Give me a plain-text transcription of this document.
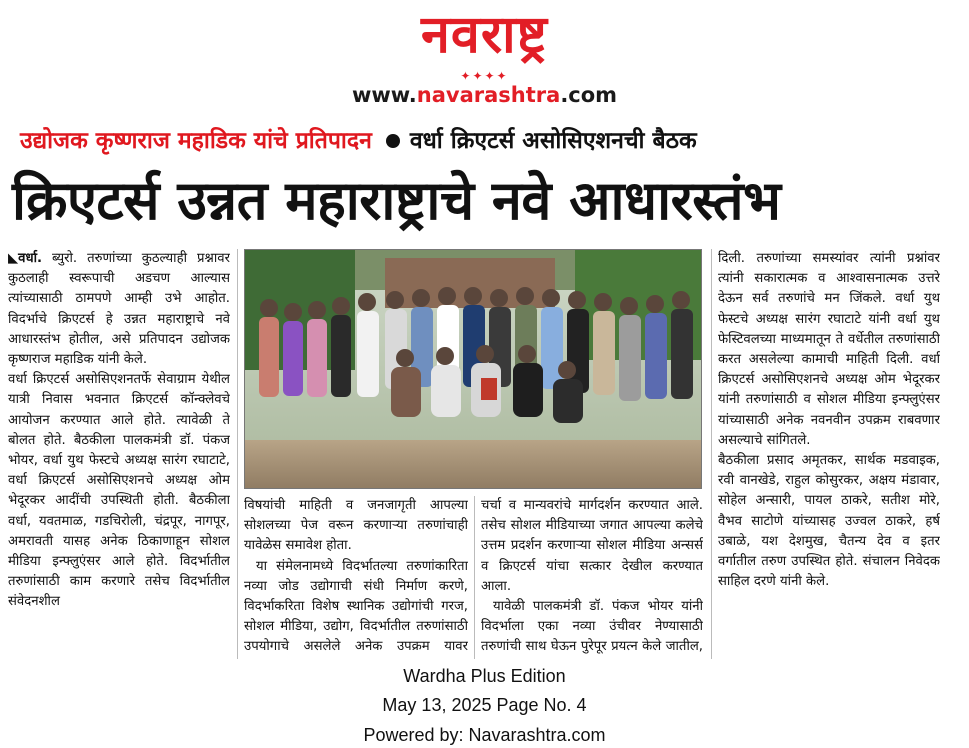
नवराष्ट्र
✦✦✦✦
www.navarashtra.com
उद्योजक कृष्णराज महाडिक यांचे प्रतिपादन वर्धा क्रिएटर्स असोसिएशनची बैठक
क्रिएटर्स उन्नत महाराष्ट्राचे नवे आधारस्तंभ

◣वर्धा. ब्युरो. तरुणांच्या कुठल्याही प्रश्नावर कुठलाही स्वरूपाची अडचण आल्यास त्यांच्यासाठी ठामपणे आम्ही उभे आहोत. विदर्भाचे क्रिएटर्स हे उन्नत महाराष्ट्राचे नवे आधारस्तंभ होतील, असे प्रतिपादन उद्योजक कृष्णराज महाडिक यांनी केले.

वर्धा क्रिएटर्स असोसिएशनतर्फे सेवाग्राम येथील यात्री निवास भवनात क्रिएटर्स कॉन्क्लेवचे आयोजन करण्यात आले होते. त्यावेळी ते बोलत होते. बैठकीला पालकमंत्री डॉ. पंकज भोयर, वर्धा युथ फेस्टचे अध्यक्ष सारंग रघाटाटे, वर्धा क्रिएटर्स असोसिएशनचे अध्यक्ष ओम भेदूरकर आदींची उपस्थिती होती. बैठकीला वर्धा, यवतमाळ, गडचिरोली, चंद्रपूर, नागपूर, अमरावती यासह अनेक ठिकाणाहून सोशल मीडिया इन्फ्लुएंसर आले होते. विदर्भातील तरुणांसाठी काम करणारे तसेच विदर्भातील संवेदनशील

विषयांची माहिती व जनजागृती आपल्या सोशलच्या पेज वरून करणाऱ्या तरुणांचाही यावेळेस समावेश होता.

या संमेलनामध्ये विदर्भातल्या तरुणांकारिता नव्या जोड उद्योगाची संधी निर्माण करणे, विदर्भाकरिता विशेष स्थानिक उद्योगांची गरज, सोशल मीडिया, उद्योग, विदर्भातील तरुणांसाठी उपयोगाचे असलेले अनेक उपक्रम यावर

चर्चा व मान्यवरांचे मार्गदर्शन करण्यात आले. तसेच सोशल मीडियाच्या जगात आपल्या कलेचे उत्तम प्रदर्शन करणाऱ्या सोशल मीडिया अन्सर्स व क्रिएटर्स यांचा सत्कार देखील करण्यात आला.

यावेळी पालकमंत्री डॉ. पंकज भोयर यांनी विदर्भाला एका नव्या उंचीवर नेण्यासाठी तरुणांची साथ घेऊन पुरेपूर प्रयत्न केले जातील,

दिली. तरुणांच्या समस्यांवर त्यांनी प्रश्नांवर त्यांनी सकारात्मक व आश्वासनात्मक उत्तरे देऊन सर्व तरुणांचे मन जिंकले. वर्धा युथ फेस्टचे अध्यक्ष सारंग रघाटाटे यांनी वर्धा युथ फेस्टिवलच्या माध्यमातून ते वर्धेतील तरुणांसाठी करत असलेल्या कामाची माहिती दिली. वर्धा क्रिएटर्स असोसिएशनचे अध्यक्ष ओम भेदूरकर यांनी तरुणांसाठी व सोशल मीडिया इन्फ्लुएंसर यांच्यासाठी अनेक नवनवीन उपक्रम राबवणार असल्याचे सांगितले.

बैठकीला प्रसाद अमृतकर, सार्थक मडवाइक, रवी वानखेडे, राहुल कोसुरकर, अक्षय मंडावार, सोहेल अन्सारी, पायल ठाकरे, सतीश मोरे, वैभव साटोणे यांच्यासह उज्वल ठाकरे, हर्ष उबाळे, यश देशमुख, चैतन्य देव व इतर वर्गातील तरुण उपस्थित होते. संचालन निवेदक साहिल दरणे यांनी केले.

Wardha Plus Edition
May 13, 2025 Page No. 4
Powered by: Navarashtra.com
